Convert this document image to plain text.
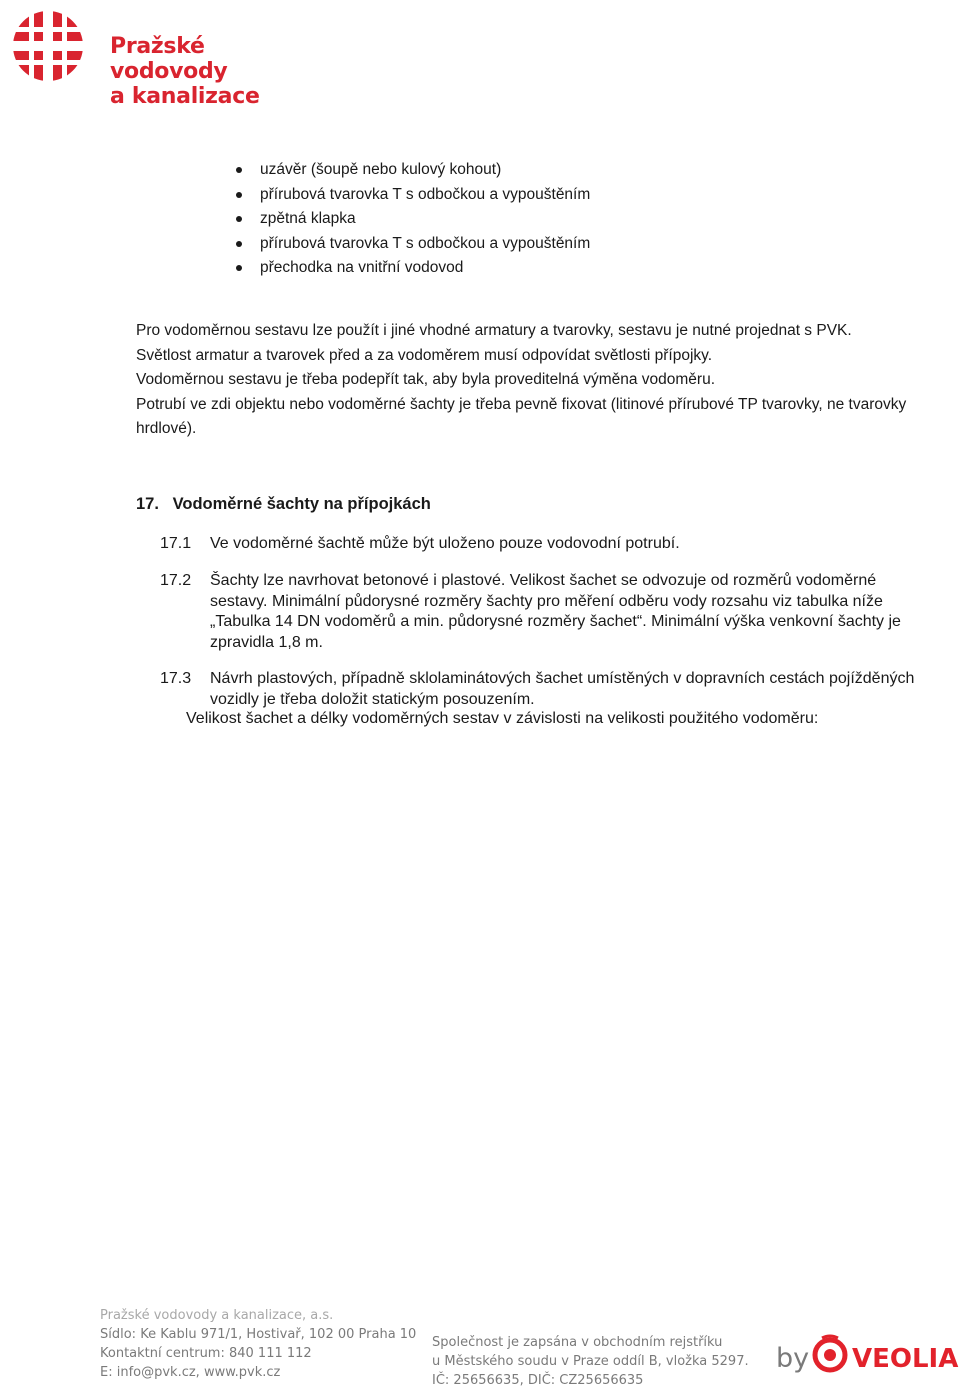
Pražské vodovody
a kanalizace
uzávěr (šoupě nebo kulový kohout)
přírubová tvarovka T s odbočkou a vypouštěním
zpětná klapka
přírubová tvarovka T s odbočkou a vypouštěním
přechodka na vnitřní vodovod

Pro vodoměrnou sestavu lze použít i jiné vhodné armatury a tvarovky, sestavu je nutné projednat s PVK.

Světlost armatur a tvarovek před a za vodoměrem musí odpovídat světlosti přípojky.

Vodoměrnou sestavu je třeba podepřít tak, aby byla proveditelná výměna vodoměru.

Potrubí ve zdi objektu nebo vodoměrné šachty je třeba pevně fixovat (litinové přírubové TP tvarovky, ne tvarovky hrdlové).

17. Vodoměrné šachty na přípojkách
17.1	Ve vodoměrné šachtě může být uloženo pouze vodovodní potrubí.
17.2	Šachty lze navrhovat betonové i plastové. Velikost šachet se odvozuje od rozměrů vodoměrné sestavy. Minimální půdorysné rozměry šachty pro měření odběru vody rozsahu viz tabulka níže „Tabulka 14 DN vodoměrů a min. půdorysné rozměry šachet“. Minimální výška venkovní šachty je zpravidla 1,8 m.
17.3	Návrh plastových, případně sklolaminátových šachet umístěných v dopravních cestách pojížděných vozidly je třeba doložit statickým posouzením.
Velikost šachet a délky vodoměrných sestav v závislosti na velikosti použitého vodoměru:
Pražské vodovody a kanalizace, a.s.
Sídlo: Ke Kablu 971/1, Hostivař, 102 00 Praha 10
Kontaktní centrum: 840 111 112
E: info@pvk.cz, www.pvk.cz
Společnost je zapsána v obchodním rejstříku
u Městského soudu v Praze oddíl B, vložka 5297.
IČ: 25656635, DIČ: CZ25656635
by VEOLIA
